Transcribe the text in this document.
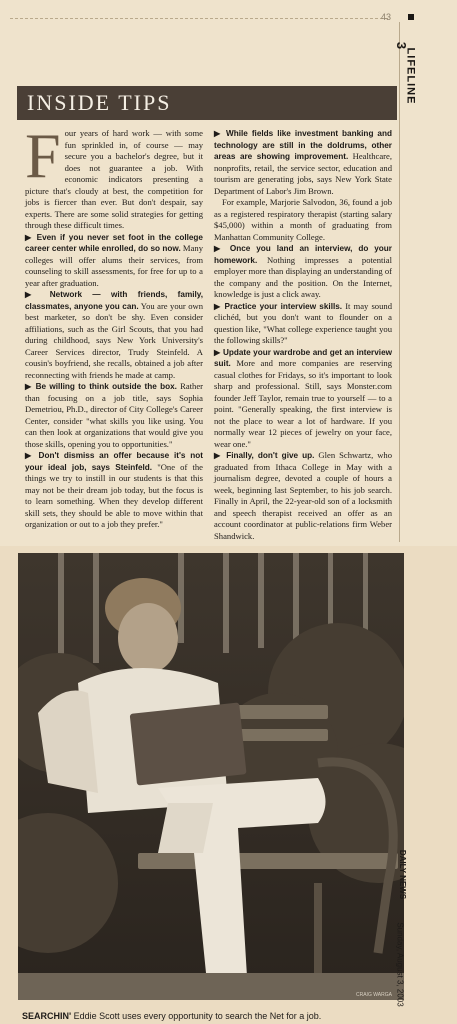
43
3
LIFELINE
INSIDE TIPS

Four years of hard work — with some fun sprinkled in, of course — may secure you a bachelor's degree, but it does not guarantee a job. With economic indicators presenting a picture that's cloudy at best, the competition for jobs is fiercer than ever. But don't despair, say experts. There are some solid strategies for getting through these difficult times.

▶ Even if you never set foot in the college career center while enrolled, do so now. Many colleges will offer alums their services, from counseling to skill assessments, for free for up to a year after graduation.

▶ Network — with friends, family, classmates, anyone you can. You are your own best marketer, so don't be shy. Even consider affiliations, such as the Girl Scouts, that you had during childhood, says New York University's Career Services director, Trudy Steinfeld. A cousin's boyfriend, she recalls, obtained a job after reconnecting with friends he made at camp.

▶ Be willing to think outside the box. Rather than focusing on a job title, says Sophia Demetriou, Ph.D., director of City College's Career Center, consider "what skills you like using. You can then look at organizations that would give you those skills, opening you to opportunities."

▶ Don't dismiss an offer because it's not your ideal job, says Steinfeld. "One of the things we try to instill in our students is that this may not be their dream job today, but the focus is to learn something. When they develop different skill sets, they should be able to move within that organization or out to a job they prefer."

▶ While fields like investment banking and technology are still in the doldrums, other areas are showing improvement. Healthcare, nonprofits, retail, the service sector, education and tourism are generating jobs, says New York State Department of Labor's Jim Brown.

For example, Marjorie Salvodon, 36, found a job as a registered respiratory therapist (starting salary $45,000) within a month of graduating from Manhattan Community College.

▶ Once you land an interview, do your homework. Nothing impresses a potential employer more than displaying an understanding of the company and the position. On the Internet, knowledge is just a click away.

▶ Practice your interview skills. It may sound clichéd, but you don't want to flounder on a question like, "What college experience taught you the following skills?"

▶ Update your wardrobe and get an interview suit. More and more companies are reserving casual clothes for Fridays, so it's important to look sharp and professional. Still, says Monster.com founder Jeff Taylor, remain true to yourself — to a point. "Generally speaking, the first interview is not the place to wear a lot of hardware. If you normally wear 12 pieces of jewelry on your face, wear one."

▶ Finally, don't give up. Glen Schwartz, who graduated from Ithaca College in May with a journalism degree, devoted a couple of hours a week, beginning last September, to his job search. Finally in April, the 22-year-old son of a locksmith and speech therapist received an offer as an account coordinator at public-relations firm Weber Shandwick.

CRAIG WARGA
SEARCHIN' Eddie Scott uses every opportunity to search the Net for a job.
DAILY NEWS
Sunday, August 3, 2003
